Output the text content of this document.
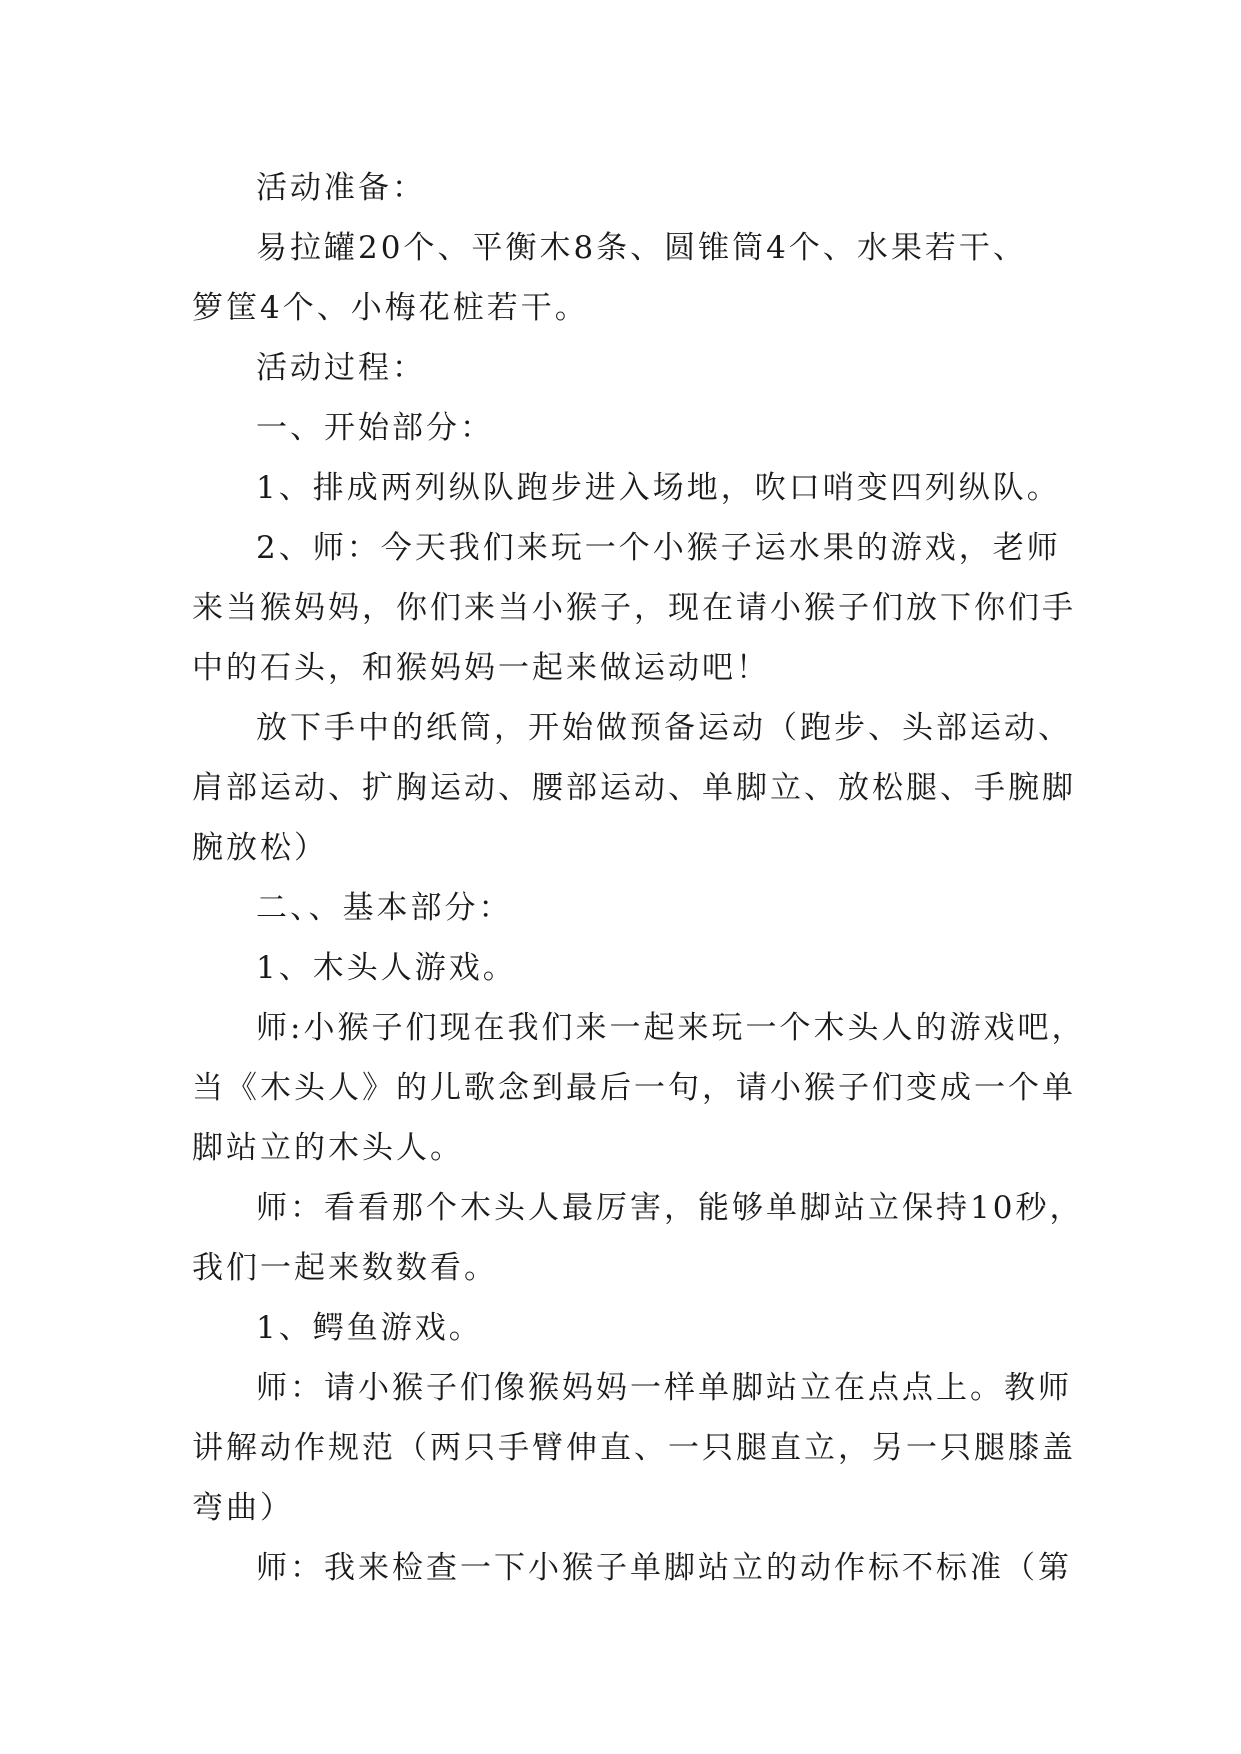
活动准备：
易拉罐20个、平衡木8条、圆锥筒4个、水果若干、
箩筐4个、小梅花桩若干。
活动过程：
一、开始部分：
1、排成两列纵队跑步进入场地，吹口哨变四列纵队。
2、师：今天我们来玩一个小猴子运水果的游戏，老师
来当猴妈妈，你们来当小猴子，现在请小猴子们放下你们手
中的石头，和猴妈妈一起来做运动吧！
放下手中的纸筒，开始做预备运动（跑步、头部运动、
肩部运动、扩胸运动、腰部运动、单脚立、放松腿、手腕脚
腕放松）
二、、基本部分：
1、木头人游戏。
师:小猴子们现在我们来一起来玩一个木头人的游戏吧，
当《木头人》的儿歌念到最后一句，请小猴子们变成一个单
脚站立的木头人。
师：看看那个木头人最厉害，能够单脚站立保持10秒，
我们一起来数数看。
1、鳄鱼游戏。
师：请小猴子们像猴妈妈一样单脚站立在点点上。教师
讲解动作规范（两只手臂伸直、一只腿直立，另一只腿膝盖
弯曲）
师：我来检查一下小猴子单脚站立的动作标不标准（第
